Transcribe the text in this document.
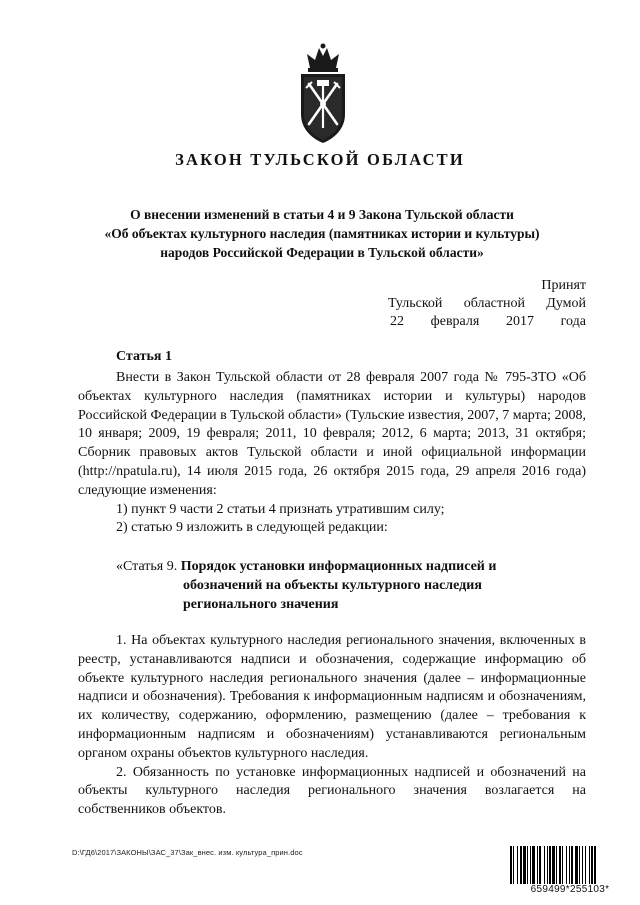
ЗАКОН ТУЛЬСКОЙ ОБЛАСТИ
О внесении изменений в статьи 4 и 9 Закона Тульской области
«Об объектах культурного наследия (памятниках истории и культуры)
народов Российской Федерации в Тульской области»
Принят
Тульской областной Думой
22 февраля 2017 года
Статья 1

Внести в Закон Тульской области от 28 февраля 2007 года № 795-ЗТО «Об объектах культурного наследия (памятниках истории и культуры) народов Российской Федерации в Тульской области» (Тульские известия, 2007, 7 марта; 2008, 10 января; 2009, 19 февраля; 2011, 10 февраля; 2012, 6 марта; 2013, 31 октября; Сборник правовых актов Тульской области и иной официальной информации (http://npatula.ru), 14 июля 2015 года, 26 октября 2015 года, 29 апреля 2016 года) следующие изменения:

1) пункт 9 части 2 статьи 4 признать утратившим силу;

2) статью 9 изложить в следующей редакции:

«Статья 9. Порядок установки информационных надписей и
обозначений на объекты культурного наследия
регионального значения

1. На объектах культурного наследия регионального значения, включенных в реестр, устанавливаются надписи и обозначения, содержащие информацию об объекте культурного наследия регионального значения (далее – информационные надписи и обозначения). Требования к информационным надписям и обозначениям, их количеству, содержанию, оформлению, размещению (далее – требования к информационным надписям и обозначениям) устанавливаются региональным органом охраны объектов культурного наследия.

2. Обязанность по установке информационных надписей и обозначений на объекты культурного наследия регионального значения возлагается на собственников объектов.

D:\ГД6\2017\ЗАКОНЫ\ЗАС_37\Зак_внес. изм. культура_прин.doc
659499*255103*
